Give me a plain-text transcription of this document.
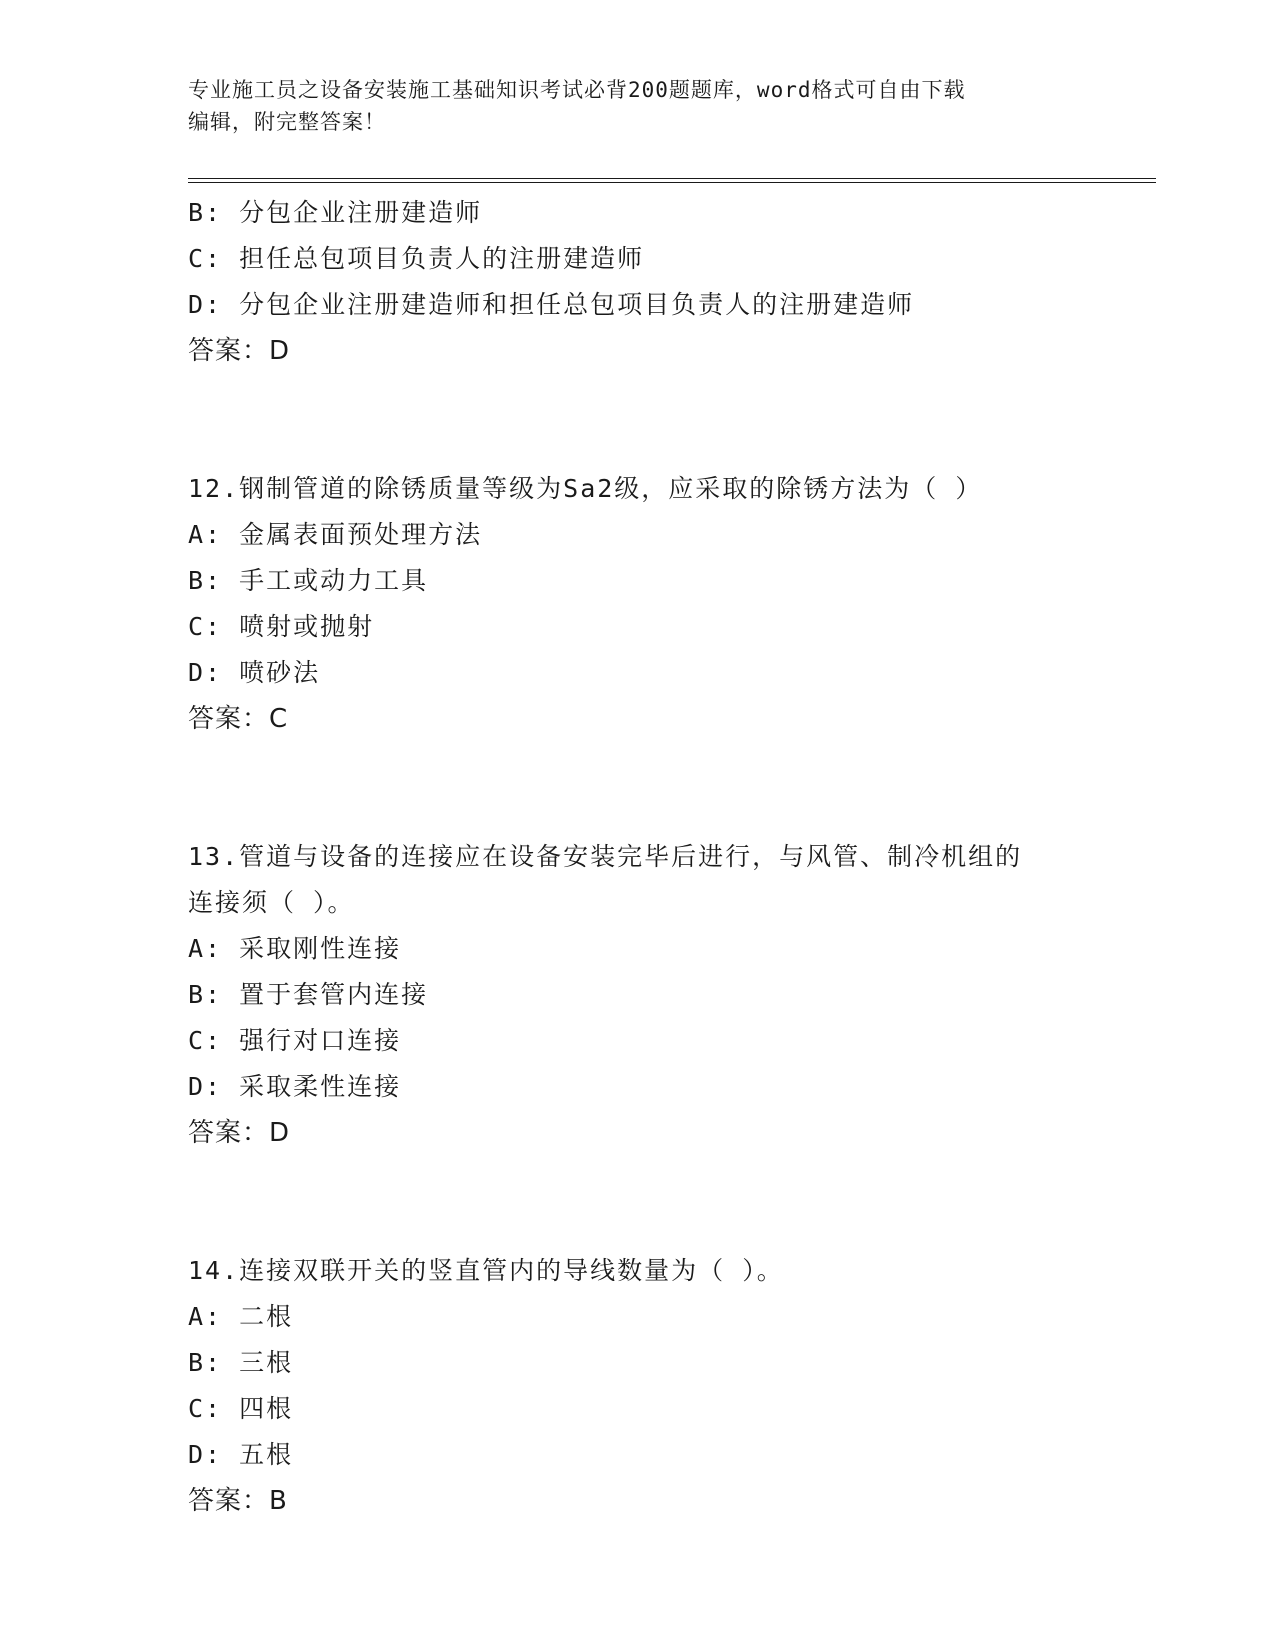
专业施工员之设备安装施工基础知识考试必背200题题库，word格式可自由下载
编辑，附完整答案！
B: 分包企业注册建造师
C: 担任总包项目负责人的注册建造师
D: 分包企业注册建造师和担任总包项目负责人的注册建造师
答案：D
12.钢制管道的除锈质量等级为Sa2级，应采取的除锈方法为（ ）
A: 金属表面预处理方法
B: 手工或动力工具
C: 喷射或抛射
D: 喷砂法
答案：C
13.管道与设备的连接应在设备安装完毕后进行，与风管、制冷机组的
连接须（ ）。
A: 采取刚性连接
B: 置于套管内连接
C: 强行对口连接
D: 采取柔性连接
答案：D
14.连接双联开关的竖直管内的导线数量为（ ）。
A: 二根
B: 三根
C: 四根
D: 五根
答案：B
